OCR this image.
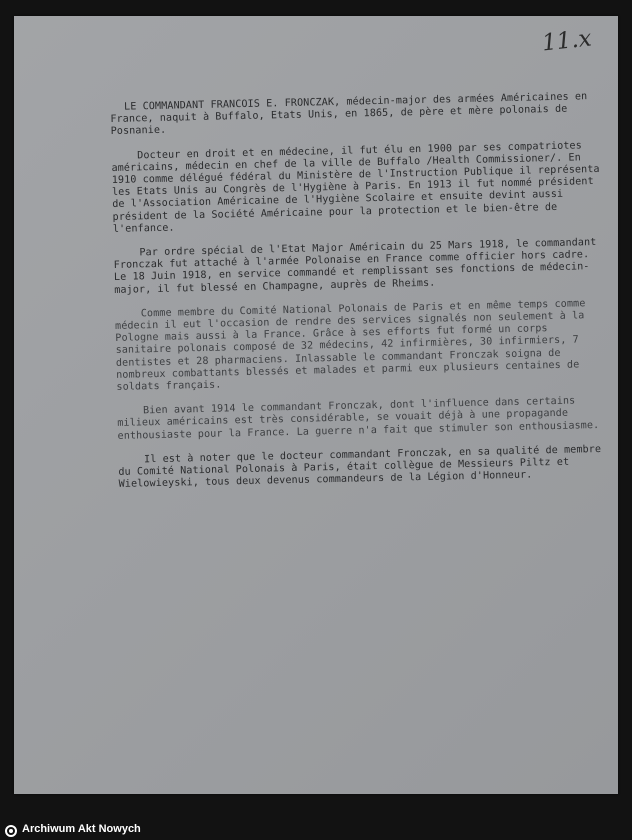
11.x

LE COMMANDANT FRANCOIS E. FRONCZAK, médecin-major des armées Américaines en France, naquit à Buffalo, Etats Unis, en 1865, de père et mère polonais de Posnanie.

Docteur en droit et en médecine, il fut élu en 1900 par ses compatriotes américains, médecin en chef de la ville de Buffalo /Health Commissioner/. En 1910 comme délégué fédéral du Ministère de l'Instruction Publique il représenta les Etats Unis au Congrès de l'Hygiène à Paris. En 1913 il fut nommé président de l'Association Américaine de l'Hygiène Scolaire et ensuite devint aussi président de la Société Américaine pour la protection et le bien-être de l'enfance.

Par ordre spécial de l'Etat Major Américain du 25 Mars 1918, le commandant Fronczak fut attaché à l'armée Polonaise en France comme officier hors cadre. Le 18 Juin 1918, en service commandé et remplissant ses fonctions de médecin-major, il fut blessé en Champagne, auprès de Rheims.

Comme membre du Comité National Polonais de Paris et en même temps comme médecin il eut l'occasion de rendre des services signalés non seulement à la Pologne mais aussi à la France. Grâce à ses efforts fut formé un corps sanitaire polonais composé de 32 médecins, 42 infirmières, 30 infirmiers, 7 dentistes et 28 pharmaciens. Inlassable le commandant Fronczak soigna de nombreux combattants blessés et malades et parmi eux plusieurs centaines de soldats français.

Bien avant 1914 le commandant Fronczak, dont l'influence dans certains milieux américains est très considérable, se vouait déjà à une propagande enthousiaste pour la France. La guerre n'a fait que stimuler son enthousiasme.

Il est à noter que le docteur commandant Fronczak, en sa qualité de membre du Comité National Polonais à Paris, était collègue de Messieurs Piltz et Wielowieyski, tous deux devenus commandeurs de la Légion d'Honneur.

Archiwum Akt Nowych
